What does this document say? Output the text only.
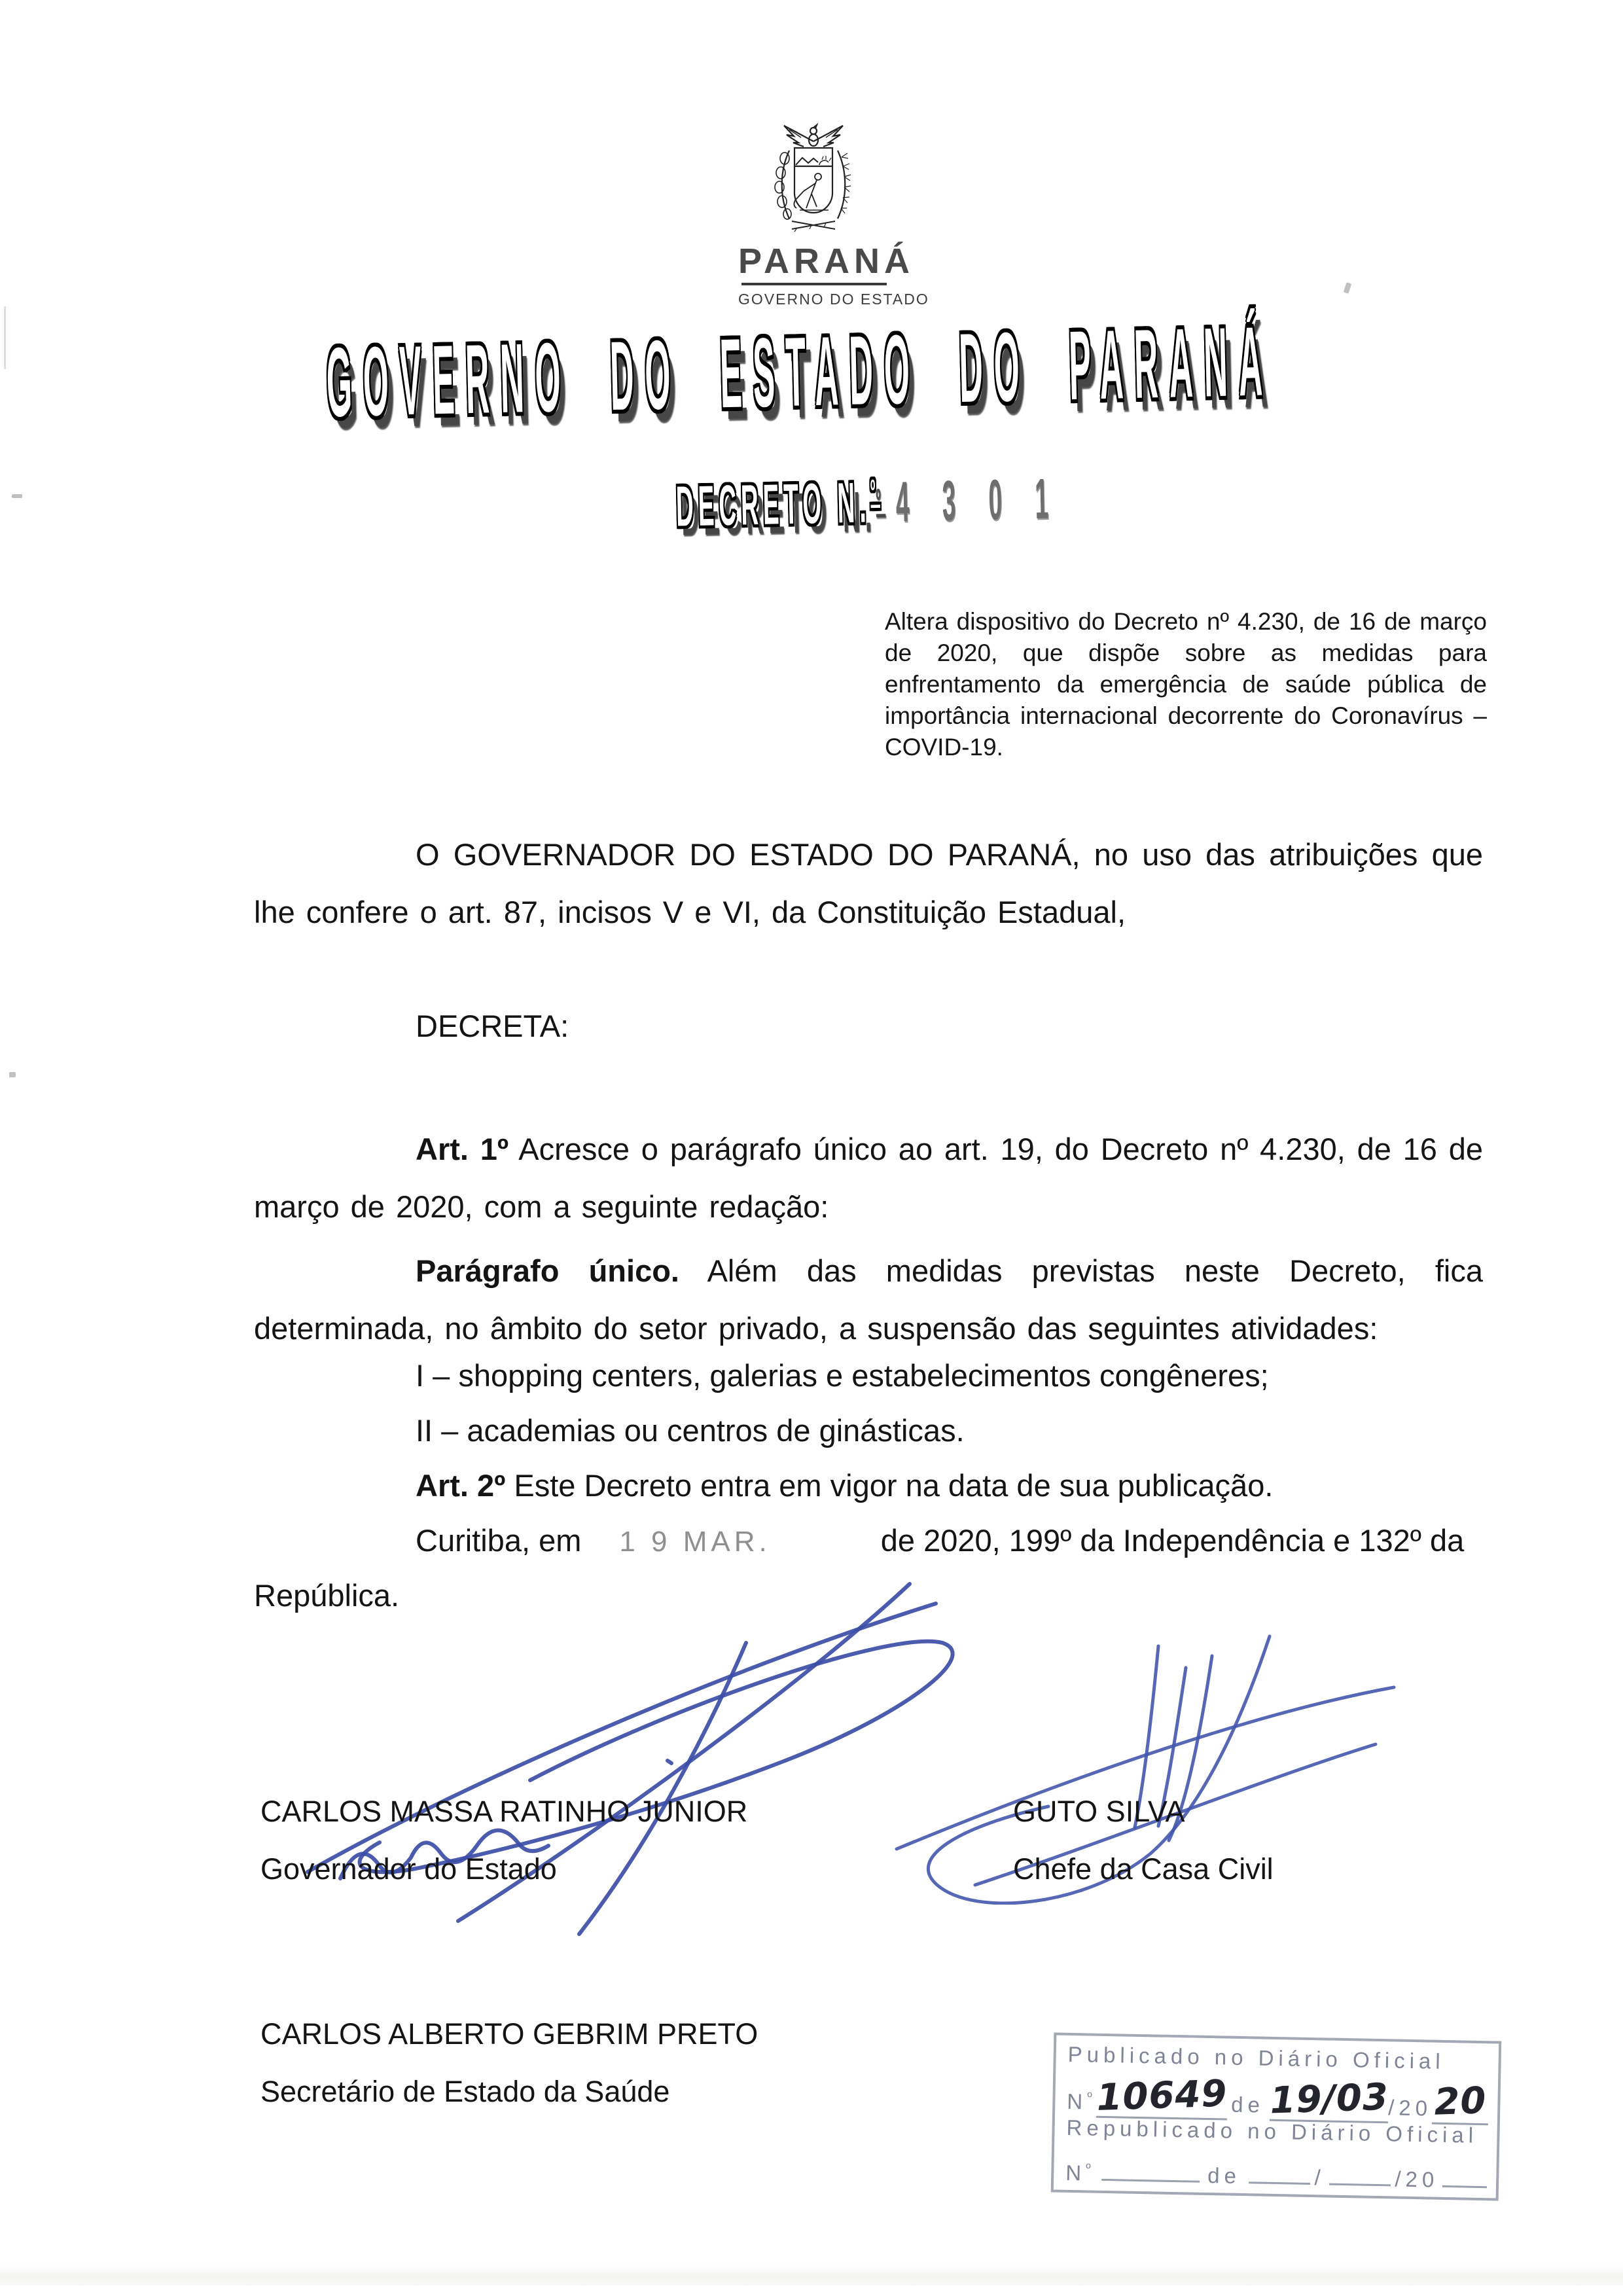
PARANÁ
GOVERNO DO ESTADO
GOVERNO DO ESTADO DO PARANÁ
DECRETO N.$^º$ 4 3 0 1
Altera dispositivo do Decreto nº 4.230, de 16 de março de 2020, que dispõe sobre as medidas para enfrentamento da emergência de saúde pública de importância internacional decorrente do Coronavírus – COVID-19.
O GOVERNADOR DO ESTADO DO PARANÁ, no uso das atribuições que lhe confere o art. 87, incisos V e VI, da Constituição Estadual,
DECRETA:
Art. 1º Acresce o parágrafo único ao art. 19, do Decreto nº 4.230, de 16 de março de 2020, com a seguinte redação:
Parágrafo único. Além das medidas previstas neste Decreto, fica determinada, no âmbito do setor privado, a suspensão das seguintes atividades:
I – shopping centers, galerias e estabelecimentos congêneres;
II – academias ou centros de ginásticas.
Art. 2º Este Decreto entra em vigor na data de sua publicação.
Curitiba, em 1 9 MAR.	de 2020, 199º da Independência e 132º da
República.
CARLOS MASSA RATINHO JUNIOR
Governador do Estado
GUTO SILVA
Chefe da Casa Civil
CARLOS ALBERTO GEBRIM PRETO
Secretário de Estado da Saúde
Publicado no Diário Oficial
$N^º$
10649 de 19/03
/20 20
Republicado no Diário Oficial
$N^º$	de	/	/20
